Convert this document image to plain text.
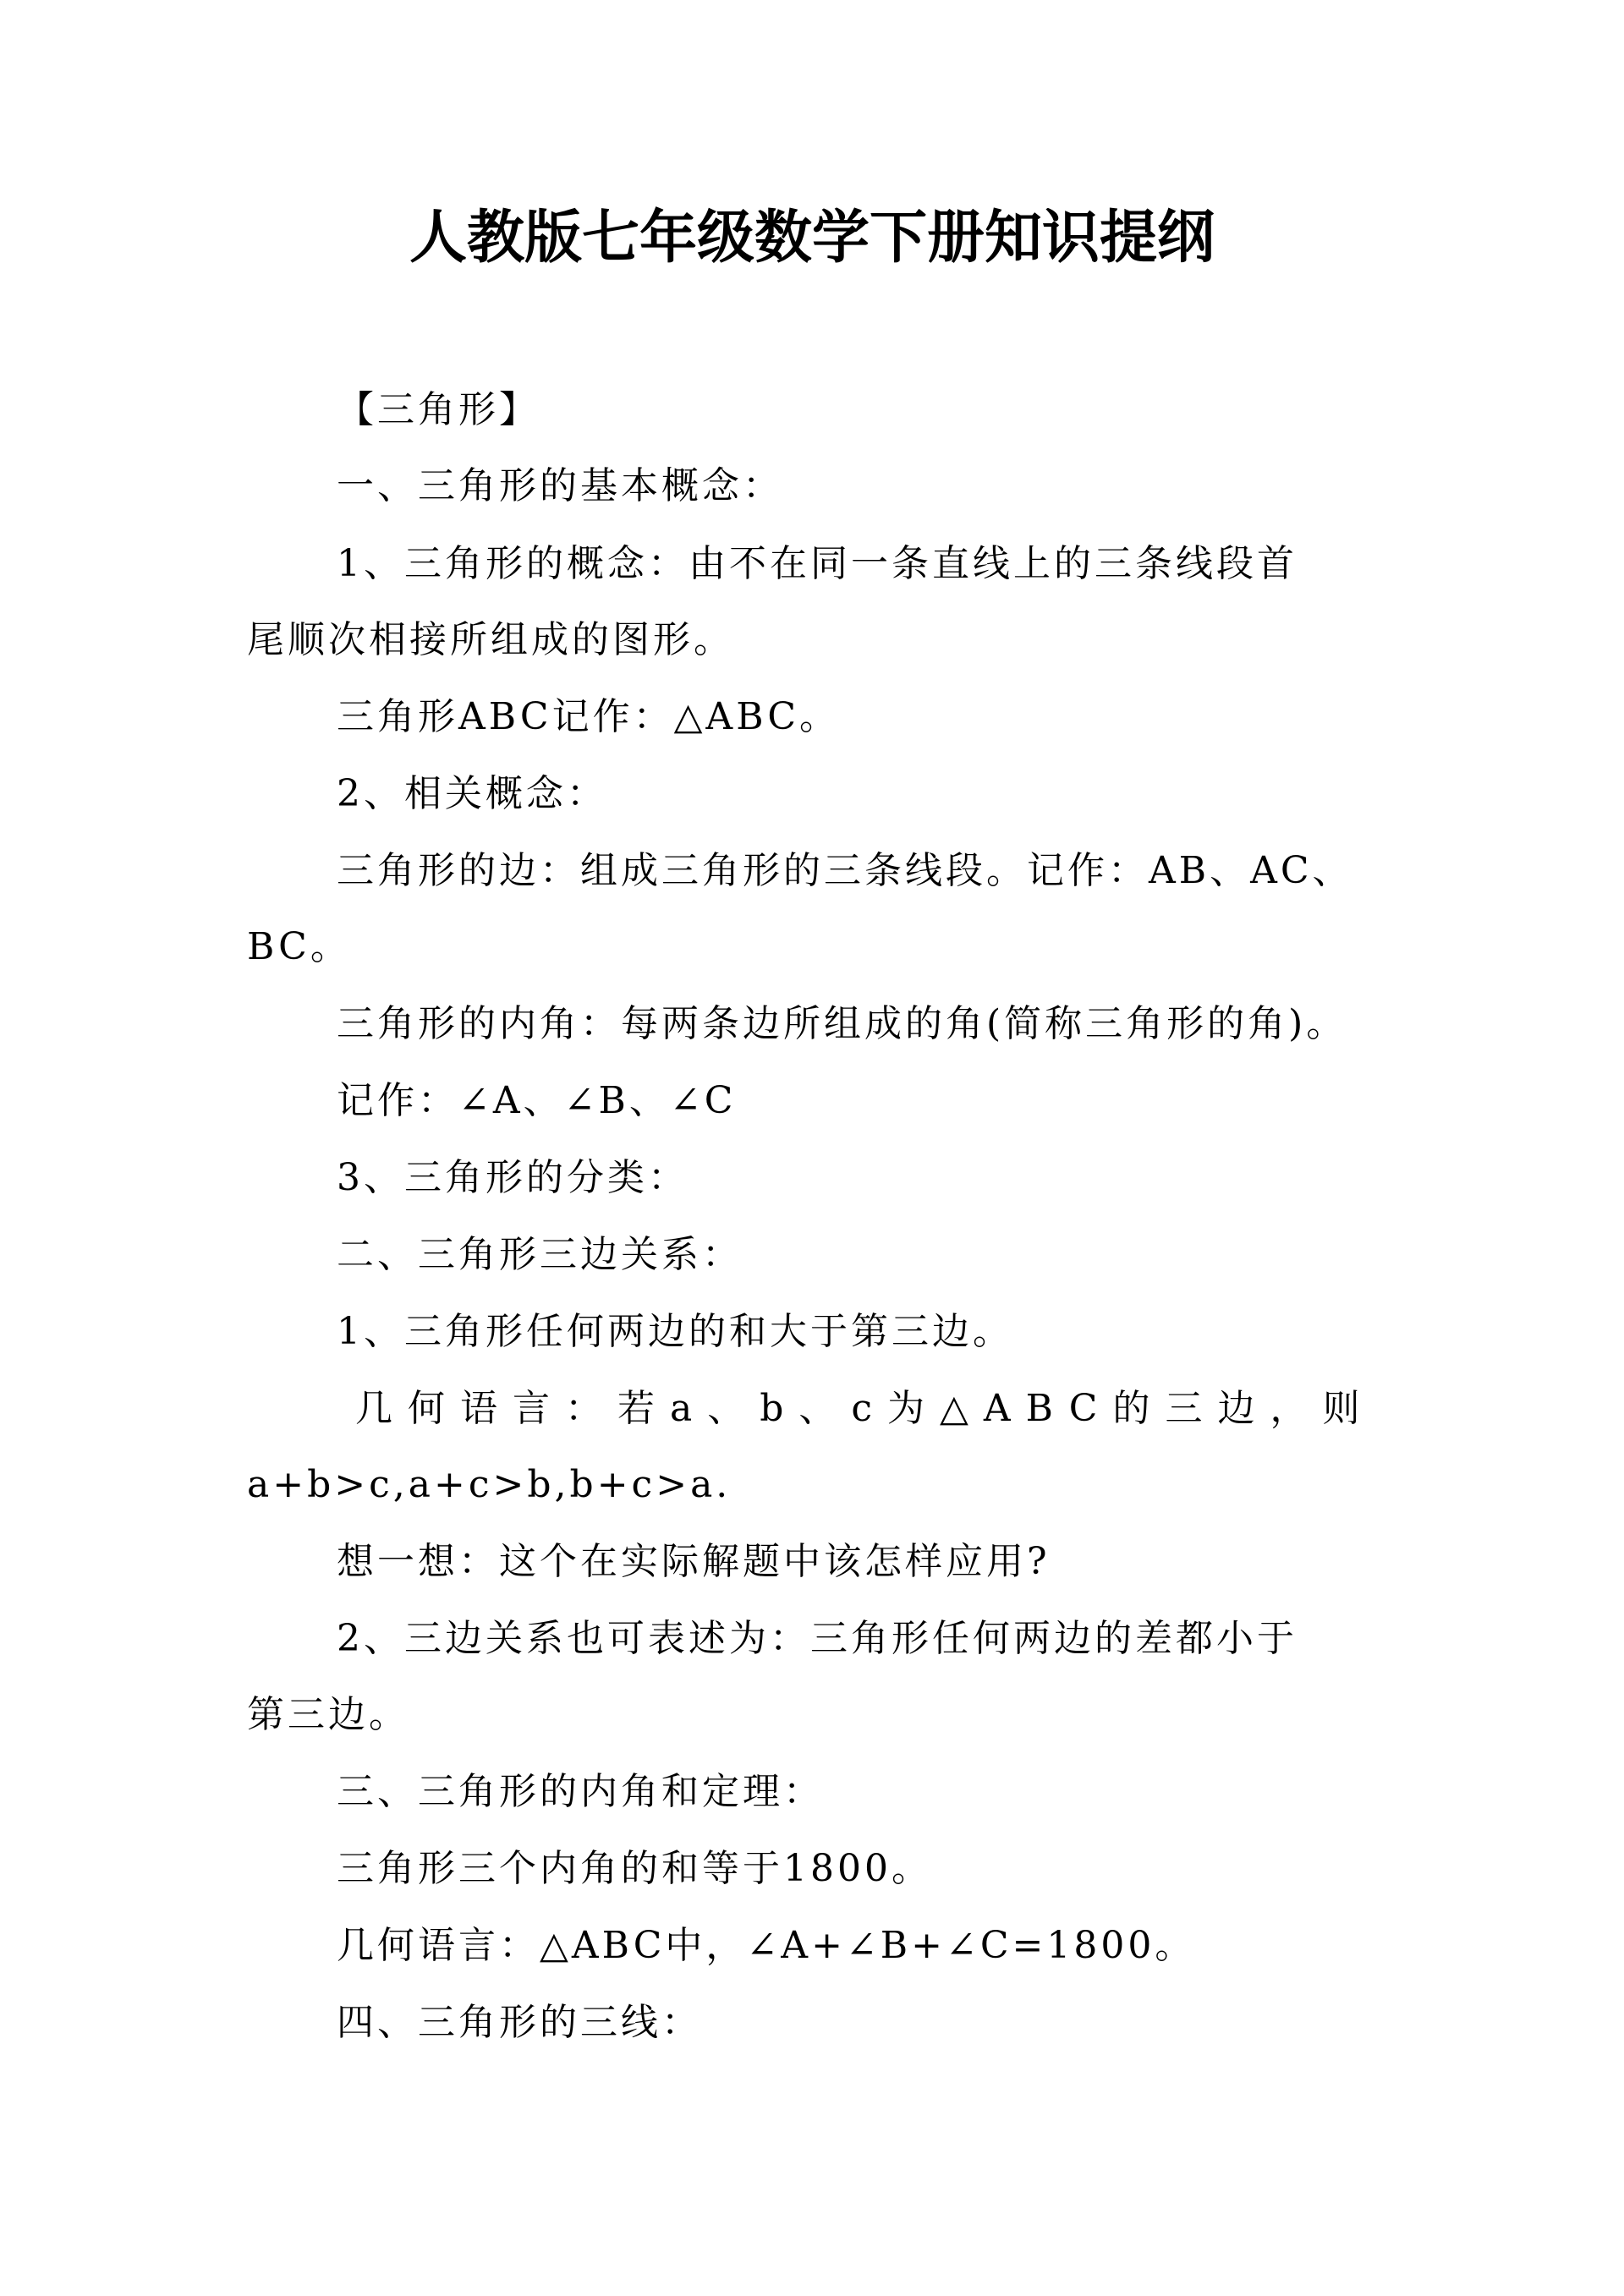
人教版七年级数学下册知识提纲
【三角形】
一、三角形的基本概念：
1、三角形的概念：由不在同一条直线上的三条线段首
尾顺次相接所组成的图形。
三角形ABC记作：△ABC。
2、相关概念：
三角形的边：组成三角形的三条线段。记作：AB、AC、
BC。
三角形的内角：每两条边所组成的角(简称三角形的角)。
记作：∠A、∠B、∠C
3、三角形的分类：
二、三角形三边关系：
1、三角形任何两边的和大于第三边。
几何语言：若a、b、c为△ABC的三边，则
a+b>c,a+c>b,b+c>a.
想一想：这个在实际解题中该怎样应用?
2、三边关系也可表述为：三角形任何两边的差都小于
第三边。
三、三角形的内角和定理：
三角形三个内角的和等于1800。
几何语言：△ABC中，∠A+∠B+∠C=1800。
四、三角形的三线：
